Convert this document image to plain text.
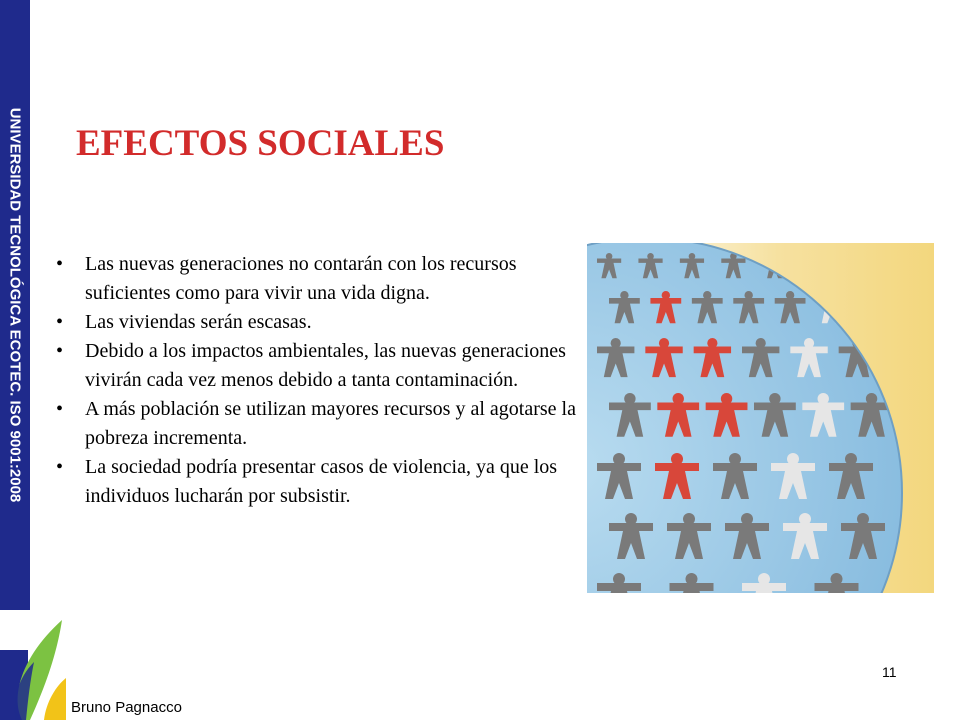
UNIVERSIDAD TECNOLÓGICA ECOTEC. ISO 9001:2008 EFECTOS SOCIALES
• Las nuevas generaciones no contarán con los recursos suficientes como para vivir una vida digna.
• Las viviendas serán escasas.
• Debido a los impactos ambientales, las nuevas generaciones vivirán cada vez menos debido a tanta contaminación.
• A más población se utilizan mayores recursos y al agotarse la pobreza incrementa.
• La sociedad podría presentar casos de violencia, ya que los individuos lucharán por subsistir.
11
Bruno Pagnacco
